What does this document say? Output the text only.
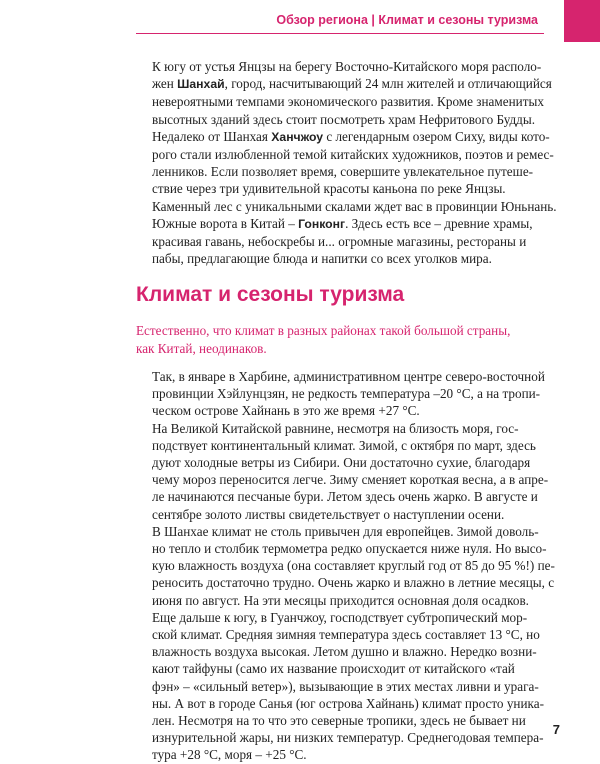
Обзор региона | Климат и сезоны туризма

К югу от устья Янцзы на берегу Восточно-Китайского моря располо-
жен Шанхай, город, насчитывающий 24 млн жителей и отличающийся
невероятными темпами экономического развития. Кроме знаменитых
высотных зданий здесь стоит посмотреть храм Нефритового Будды.

Недалеко от Шанхая Ханчжоу с легендарным озером Сиху, виды кото-
рого стали излюбленной темой китайских художников, поэтов и ремес-
ленников. Если позволяет время, совершите увлекательное путеше-
ствие через три удивительной красоты каньона по реке Янцзы.
Каменный лес с уникальными скалами ждет вас в провинции Юньнань.

Южные ворота в Китай – Гонконг. Здесь есть все – древние храмы,
красивая гавань, небоскребы и... огромные магазины, рестораны и
пабы, предлагающие блюда и напитки со всех уголков мира.

Климат и сезоны туризма

Естественно, что климат в разных районах такой большой страны,
как Китай, неодинаков.

Так, в январе в Харбине, административном центре северо-восточной
провинции Хэйлунцзян, не редкость температура –20 °С, а на тропи-
ческом острове Хайнань в это же время +27 °С.

На Великой Китайской равнине, несмотря на близость моря, гос-
подствует континентальный климат. Зимой, с октября по март, здесь
дуют холодные ветры из Сибири. Они достаточно сухие, благодаря
чему мороз переносится легче. Зиму сменяет короткая весна, а в апре-
ле начинаются песчаные бури. Летом здесь очень жарко. В августе и
сентябре золото листвы свидетельствует о наступлении осени.

В Шанхае климат не столь привычен для европейцев. Зимой доволь-
но тепло и столбик термометра редко опускается ниже нуля. Но высо-
кую влажность воздуха (она составляет круглый год от 85 до 95 %!) пе-
реносить достаточно трудно. Очень жарко и влажно в летние месяцы, с
июня по август. На эти месяцы приходится основная доля осадков.

Еще дальше к югу, в Гуанчжоу, господствует субтропический мор-
ской климат. Средняя зимняя температура здесь составляет 13 °С, но
влажность воздуха высокая. Летом душно и влажно. Нередко возни-
кают тайфуны (само их название происходит от китайского «тай
фэн» – «сильный ветер»), вызывающие в этих местах ливни и урага-
ны. А вот в городе Санья (юг острова Хайнань) климат просто уника-
лен. Несмотря на то что это северные тропики, здесь не бывает ни
изнурительной жары, ни низких температур. Среднегодовая темпера-
тура +28 °С, моря – +25 °С.

7
